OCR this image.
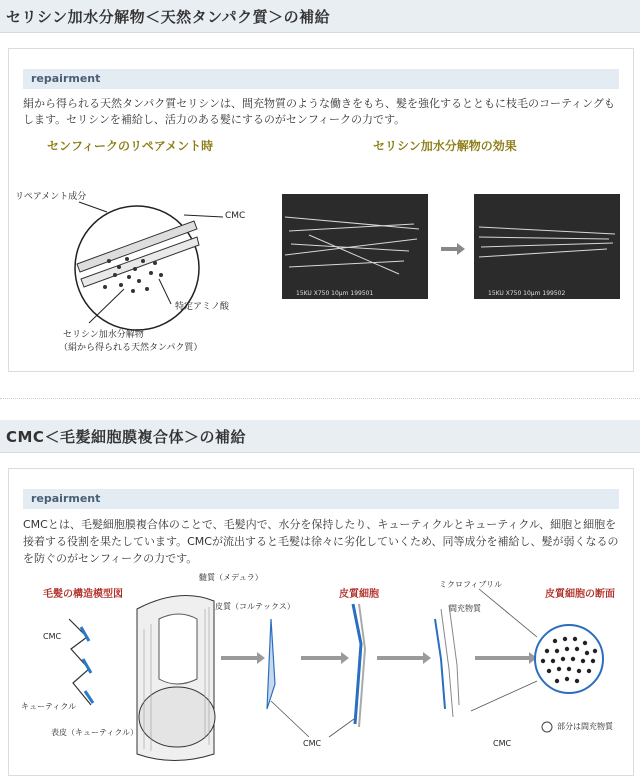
セリシン加水分解物＜天然タンパク質＞の補給
repairment
絹から得られる天然タンパク質セリシンは、間充物質のような働きをもち、髪を強化するとともに枝毛のコーティングもします。セリシンを補給し、活力のある髪にするのがセンフィークの力です。
センフィークのリペアメント時	セリシン加水分解物の効果
リペアメント成分
CMC
特定アミノ酸
セリシン加水分解物
（絹から得られる天然タンパク質）
15KU X750 10μm 199501	15KU X750 10μm 199502
CMC＜毛髪細胞膜複合体＞の補給
repairment
CMCとは、毛髪細胞膜複合体のことで、毛髪内で、水分を保持したり、キューティクルとキューティクル、細胞と細胞を接着する役割を果たしています。CMCが流出すると毛髪は徐々に劣化していくため、同等成分を補給し、髪が弱くなるのを防ぐのがセンフィークの力です。
毛髪の構造模型図	皮質細胞	皮質細胞の断面
髄質（メデュラ）
皮質（コルテックス）
CMC
キューティクル
表皮（キューティクル）
CMC	CMC
ミクロフィブリル
間充物質
部分は間充物質
